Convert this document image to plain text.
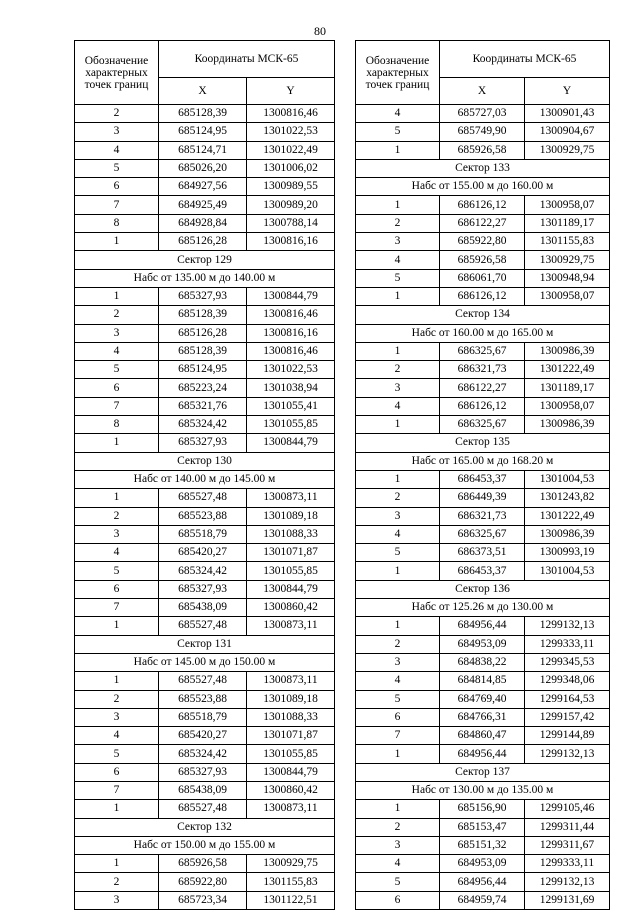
80
Обозначение характерных точек границ	Координаты МСК-65	
	X	Y
2	685128,39	1300816,46
3	685124,95	1301022,53
4	685124,71	1301022,49
5	685026,20	1301006,02
6	684927,56	1300989,55
7	684925,49	1300989,20
8	684928,84	1300788,14
1	685126,28	1300816,16
Сектор 129		
Набс от 135.00 м до 140.00 м		
1	685327,93	1300844,79
2	685128,39	1300816,46
3	685126,28	1300816,16
4	685128,39	1300816,46
5	685124,95	1301022,53
6	685223,24	1301038,94
7	685321,76	1301055,41
8	685324,42	1301055,85
1	685327,93	1300844,79
Сектор 130		
Набс от 140.00 м до 145.00 м		
1	685527,48	1300873,11
2	685523,88	1301089,18
3	685518,79	1301088,33
4	685420,27	1301071,87
5	685324,42	1301055,85
6	685327,93	1300844,79
7	685438,09	1300860,42
1	685527,48	1300873,11
Сектор 131		
Набс от 145.00 м до 150.00 м		
1	685527,48	1300873,11
2	685523,88	1301089,18
3	685518,79	1301088,33
4	685420,27	1301071,87
5	685324,42	1301055,85
6	685327,93	1300844,79
7	685438,09	1300860,42
1	685527,48	1300873,11
Сектор 132		
Набс от 150.00 м до 155.00 м		
1	685926,58	1300929,75
2	685922,80	1301155,83
3	685723,34	1301122,51
Обозначение характерных точек границ	Координаты МСК-65	
	X	Y
4	685727,03	1300901,43
5	685749,90	1300904,67
1	685926,58	1300929,75
Сектор 133		
Набс от 155.00 м до 160.00 м		
1	686126,12	1300958,07
2	686122,27	1301189,17
3	685922,80	1301155,83
4	685926,58	1300929,75
5	686061,70	1300948,94
1	686126,12	1300958,07
Сектор 134		
Набс от 160.00 м до 165.00 м		
1	686325,67	1300986,39
2	686321,73	1301222,49
3	686122,27	1301189,17
4	686126,12	1300958,07
1	686325,67	1300986,39
Сектор 135		
Набс от 165.00 м до 168.20 м		
1	686453,37	1301004,53
2	686449,39	1301243,82
3	686321,73	1301222,49
4	686325,67	1300986,39
5	686373,51	1300993,19
1	686453,37	1301004,53
Сектор 136		
Набс от 125.26 м до 130.00 м		
1	684956,44	1299132,13
2	684953,09	1299333,11
3	684838,22	1299345,53
4	684814,85	1299348,06
5	684769,40	1299164,53
6	684766,31	1299157,42
7	684860,47	1299144,89
1	684956,44	1299132,13
Сектор 137		
Набс от 130.00 м до 135.00 м		
1	685156,90	1299105,46
2	685153,47	1299311,44
3	685151,32	1299311,67
4	684953,09	1299333,11
5	684956,44	1299132,13
6	684959,74	1299131,69
